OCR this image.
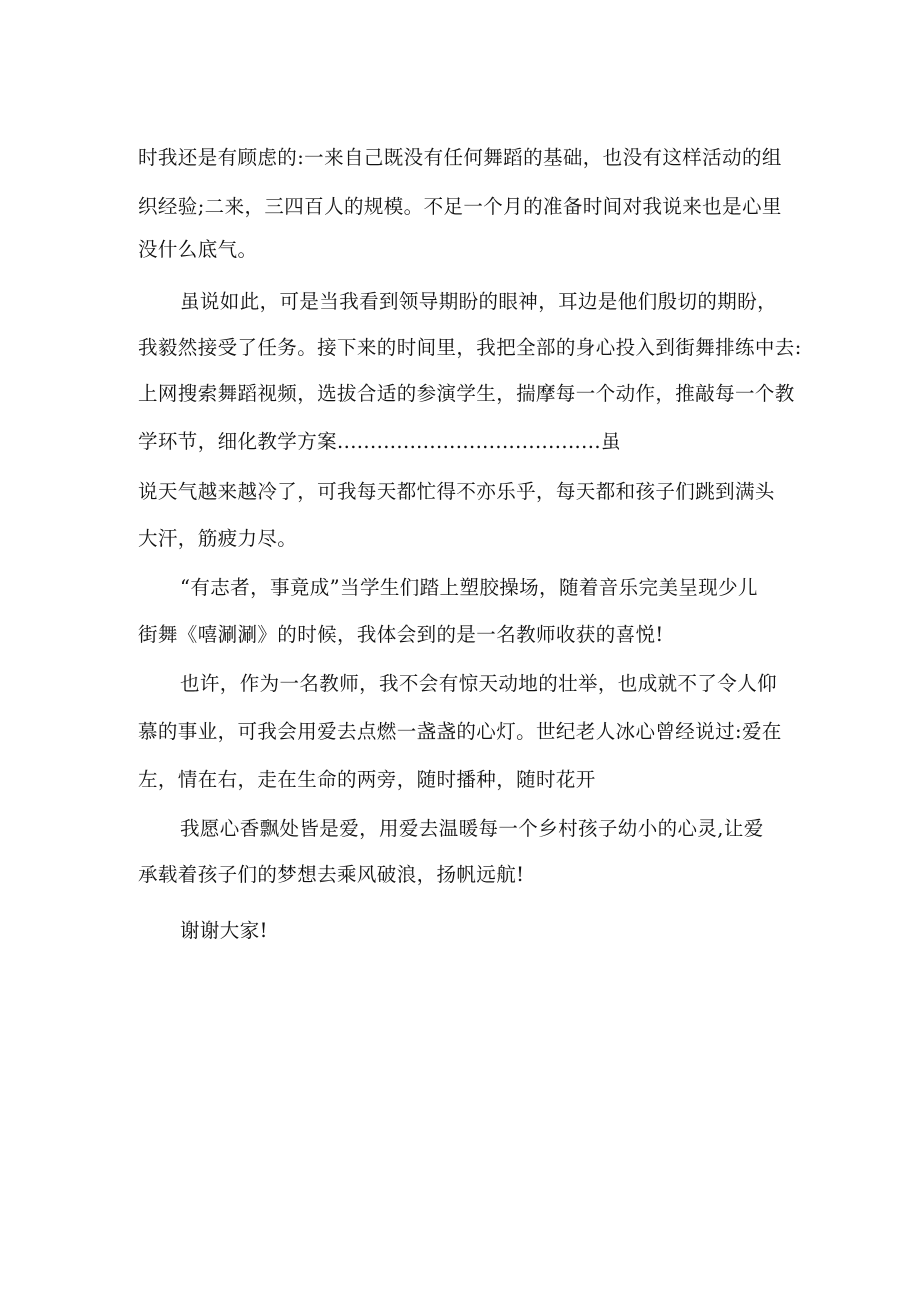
时我还是有顾虑的:一来自己既没有任何舞蹈的基础，也没有这样活动的组
织经验;二来，三四百人的规模。不足一个月的准备时间对我说来也是心里
没什么底气。
虽说如此，可是当我看到领导期盼的眼神，耳边是他们殷切的期盼，
我毅然接受了任务。接下来的时间里，我把全部的身心投入到街舞排练中去:
上网搜索舞蹈视频，选拔合适的参演学生，揣摩每一个动作，推敲每一个教
学环节，细化教学方案........................................虽
说天气越来越冷了，可我每天都忙得不亦乐乎，每天都和孩子们跳到满头
大汗，筋疲力尽。
“有志者，事竟成”当学生们踏上塑胶操场，随着音乐完美呈现少儿
街舞《嘻涮涮》的时候，我体会到的是一名教师收获的喜悦!
也许，作为一名教师，我不会有惊天动地的壮举，也成就不了令人仰
慕的事业，可我会用爱去点燃一盏盏的心灯。世纪老人冰心曾经说过:爱在
左，情在右，走在生命的两旁，随时播种，随时花开
我愿心香飘处皆是爱，用爱去温暖每一个乡村孩子幼小的心灵,让爱
承载着孩子们的梦想去乘风破浪，扬帆远航!
谢谢大家!
